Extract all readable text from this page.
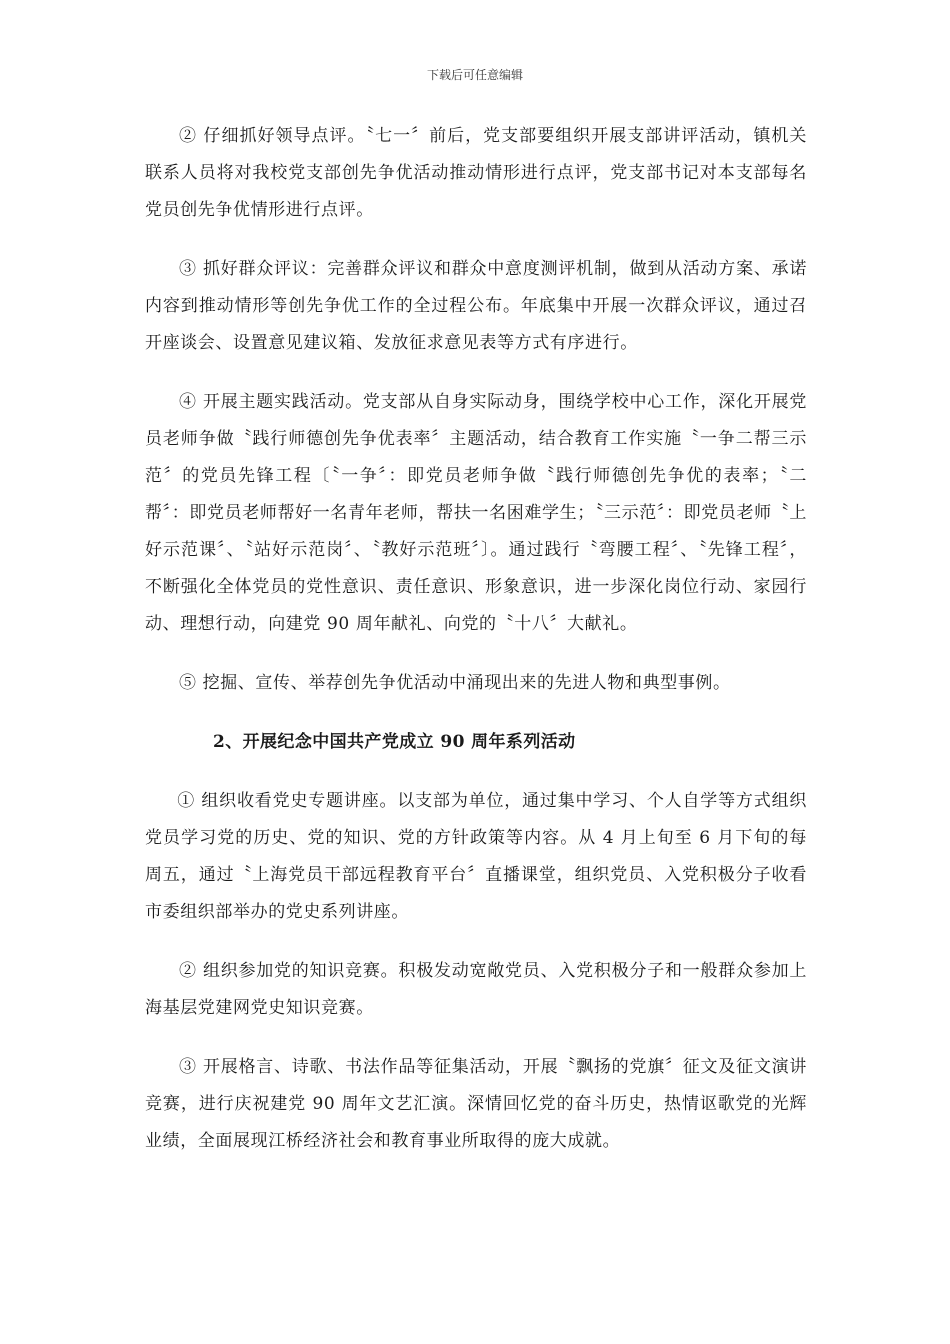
下载后可任意编辑

② 仔细抓好领导点评。〝七一〞前后，党支部要组织开展支部讲评活动，镇机关联系人员将对我校党支部创先争优活动推动情形进行点评，党支部书记对本支部每名党员创先争优情形进行点评。

③ 抓好群众评议：完善群众评议和群众中意度测评机制，做到从活动方案、承诺内容到推动情形等创先争优工作的全过程公布。年底集中开展一次群众评议，通过召开座谈会、设置意见建议箱、发放征求意见表等方式有序进行。

④ 开展主题实践活动。党支部从自身实际动身，围绕学校中心工作，深化开展党员老师争做〝践行师德创先争优表率〞主题活动，结合教育工作实施〝一争二帮三示范〞的党员先锋工程〔〝一争〞：即党员老师争做〝践行师德创先争优的表率；〝二帮〞：即党员老师帮好一名青年老师，帮扶一名困难学生；〝三示范〞：即党员老师〝上好示范课〞、〝站好示范岗〞、〝教好示范班〞〕。通过践行〝弯腰工程〞、〝先锋工程〞，不断强化全体党员的党性意识、责任意识、形象意识，进一步深化岗位行动、家园行动、理想行动，向建党 90 周年献礼、向党的〝十八〞大献礼。

⑤ 挖掘、宣传、举荐创先争优活动中涌现出来的先进人物和典型事例。

2、开展纪念中国共产党成立 90 周年系列活动

① 组织收看党史专题讲座。以支部为单位，通过集中学习、个人自学等方式组织党员学习党的历史、党的知识、党的方针政策等内容。从 4 月上旬至 6 月下旬的每周五，通过〝上海党员干部远程教育平台〞直播课堂，组织党员、入党积极分子收看市委组织部举办的党史系列讲座。

② 组织参加党的知识竞赛。积极发动宽敞党员、入党积极分子和一般群众参加上海基层党建网党史知识竞赛。

③ 开展格言、诗歌、书法作品等征集活动，开展〝飘扬的党旗〞征文及征文演讲竞赛，进行庆祝建党 90 周年文艺汇演。深情回忆党的奋斗历史，热情讴歌党的光辉业绩，全面展现江桥经济社会和教育事业所取得的庞大成就。
